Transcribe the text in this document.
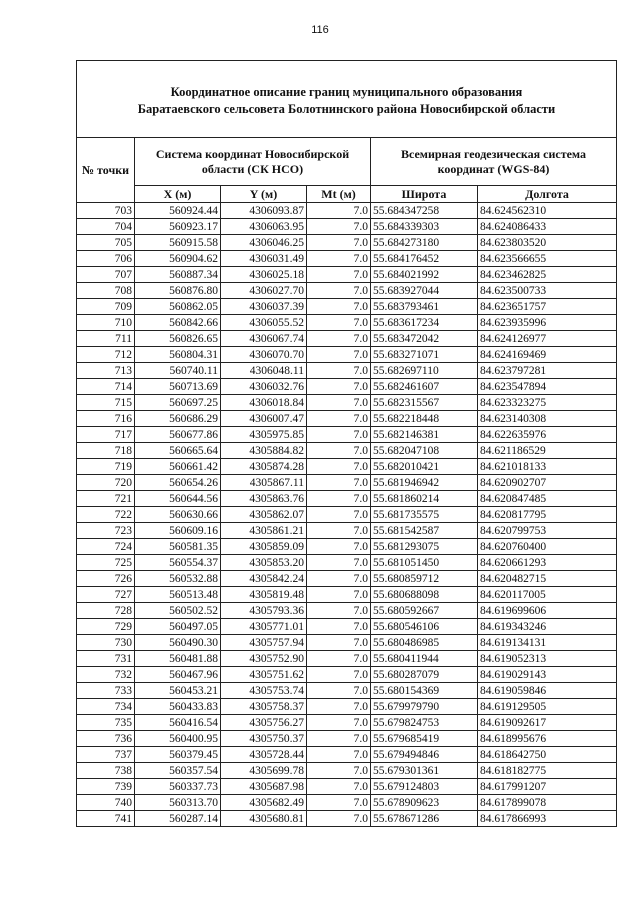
116
Координатное описание границ муниципального образования
Баратаевского сельсовета Болотнинского района Новосибирской области					

№ точки	Система координат Новосибирской области (СК НСО)			Всемирная геодезическая система координат (WGS-84)	
	X (м)	Y (м)	Mt (м)	Широта	Долгота
703	560924.44	4306093.87	7.0	55.684347258	84.624562310
704	560923.17	4306063.95	7.0	55.684339303	84.624086433
705	560915.58	4306046.25	7.0	55.684273180	84.623803520
706	560904.62	4306031.49	7.0	55.684176452	84.623566655
707	560887.34	4306025.18	7.0	55.684021992	84.623462825
708	560876.80	4306027.70	7.0	55.683927044	84.623500733
709	560862.05	4306037.39	7.0	55.683793461	84.623651757
710	560842.66	4306055.52	7.0	55.683617234	84.623935996
711	560826.65	4306067.74	7.0	55.683472042	84.624126977
712	560804.31	4306070.70	7.0	55.683271071	84.624169469
713	560740.11	4306048.11	7.0	55.682697110	84.623797281
714	560713.69	4306032.76	7.0	55.682461607	84.623547894
715	560697.25	4306018.84	7.0	55.682315567	84.623323275
716	560686.29	4306007.47	7.0	55.682218448	84.623140308
717	560677.86	4305975.85	7.0	55.682146381	84.622635976
718	560665.64	4305884.82	7.0	55.682047108	84.621186529
719	560661.42	4305874.28	7.0	55.682010421	84.621018133
720	560654.26	4305867.11	7.0	55.681946942	84.620902707
721	560644.56	4305863.76	7.0	55.681860214	84.620847485
722	560630.66	4305862.07	7.0	55.681735575	84.620817795
723	560609.16	4305861.21	7.0	55.681542587	84.620799753
724	560581.35	4305859.09	7.0	55.681293075	84.620760400
725	560554.37	4305853.20	7.0	55.681051450	84.620661293
726	560532.88	4305842.24	7.0	55.680859712	84.620482715
727	560513.48	4305819.48	7.0	55.680688098	84.620117005
728	560502.52	4305793.36	7.0	55.680592667	84.619699606
729	560497.05	4305771.01	7.0	55.680546106	84.619343246
730	560490.30	4305757.94	7.0	55.680486985	84.619134131
731	560481.88	4305752.90	7.0	55.680411944	84.619052313
732	560467.96	4305751.62	7.0	55.680287079	84.619029143
733	560453.21	4305753.74	7.0	55.680154369	84.619059846
734	560433.83	4305758.37	7.0	55.679979790	84.619129505
735	560416.54	4305756.27	7.0	55.679824753	84.619092617
736	560400.95	4305750.37	7.0	55.679685419	84.618995676
737	560379.45	4305728.44	7.0	55.679494846	84.618642750
738	560357.54	4305699.78	7.0	55.679301361	84.618182775
739	560337.73	4305687.98	7.0	55.679124803	84.617991207
740	560313.70	4305682.49	7.0	55.678909623	84.617899078
741	560287.14	4305680.81	7.0	55.678671286	84.617866993
